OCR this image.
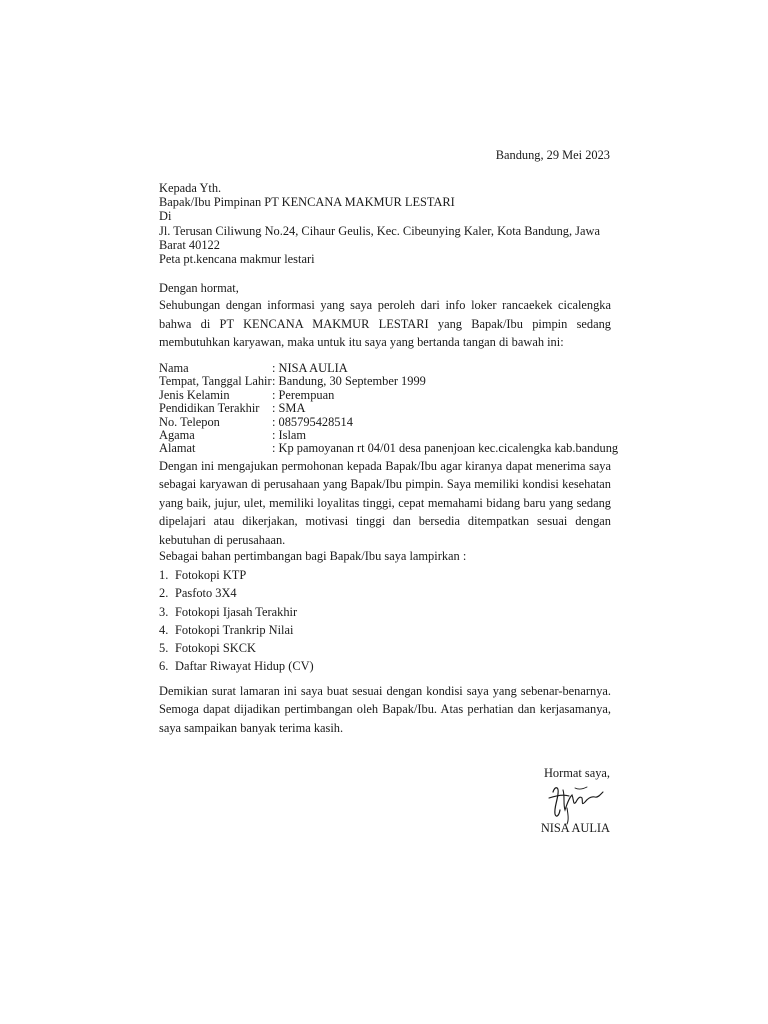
Bandung, 29 Mei 2023
Kepada Yth.
Bapak/Ibu Pimpinan PT KENCANA MAKMUR LESTARI
Di
Jl. Terusan Ciliwung No.24, Cihaur Geulis, Kec. Cibeunying Kaler, Kota Bandung, Jawa Barat 40122
Peta pt.kencana makmur lestari
Dengan hormat,
Sehubungan dengan informasi yang saya peroleh dari info loker rancaekek cicalengka bahwa di PT KENCANA MAKMUR LESTARI yang Bapak/Ibu pimpin sedang membutuhkan karyawan, maka untuk itu saya yang bertanda tangan di bawah ini:
Nama	: NISA AULIA
Tempat, Tanggal Lahir	: Bandung, 30 September 1999
Jenis Kelamin	: Perempuan
Pendidikan Terakhir	: SMA
No. Telepon	: 085795428514
Agama	: Islam
Alamat	: Kp pamoyanan rt 04/01 desa panenjoan kec.cicalengka kab.bandung
Dengan ini mengajukan permohonan kepada Bapak/Ibu agar kiranya dapat menerima saya sebagai karyawan di perusahaan yang Bapak/Ibu pimpin. Saya memiliki kondisi kesehatan yang baik, jujur, ulet, memiliki loyalitas tinggi, cepat memahami bidang baru yang sedang dipelajari atau dikerjakan, motivasi tinggi dan bersedia ditempatkan sesuai dengan kebutuhan di perusahaan.
Sebagai bahan pertimbangan bagi Bapak/Ibu saya lampirkan :
1. Fotokopi KTP
2. Pasfoto 3X4
3. Fotokopi Ijasah Terakhir
4. Fotokopi Trankrip Nilai
5. Fotokopi SKCK
6. Daftar Riwayat Hidup (CV)
Demikian surat lamaran ini saya buat sesuai dengan kondisi saya yang sebenar-benarnya. Semoga dapat dijadikan pertimbangan oleh Bapak/Ibu. Atas perhatian dan kerjasamanya, saya sampaikan banyak terima kasih.
Hormat saya,
NISA AULIA
